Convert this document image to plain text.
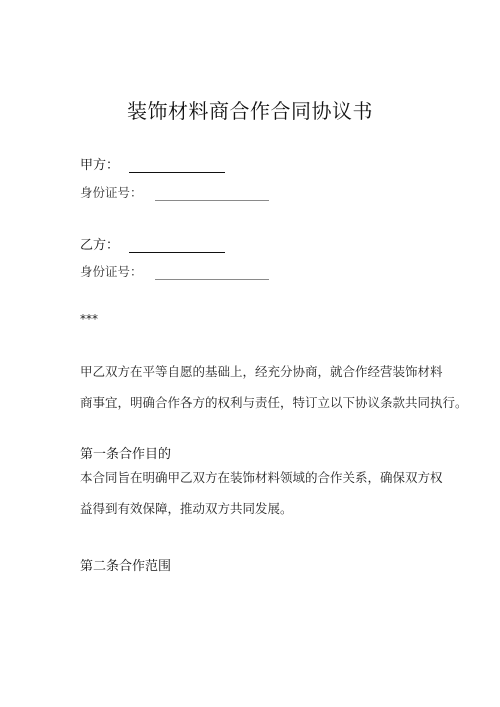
装饰材料商合作合同协议书
甲方：
身份证号：
乙方：
身份证号：
***
甲乙双方在平等自愿的基础上，经充分协商，就合作经营装饰材料
商事宜，明确合作各方的权利与责任，特订立以下协议条款共同执行。
第一条合作目的
本合同旨在明确甲乙双方在装饰材料领域的合作关系，确保双方权
益得到有效保障，推动双方共同发展。
第二条合作范围
